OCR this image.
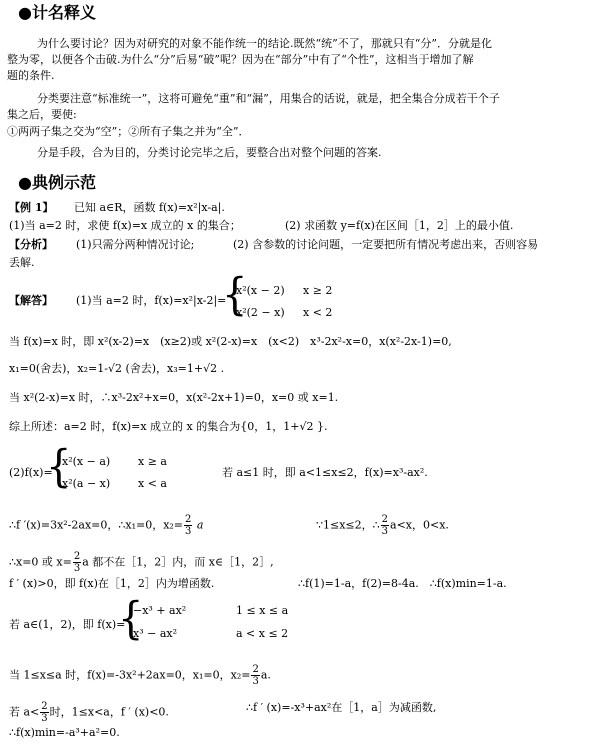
●计名释义
为什么要讨论？因为对研究的对象不能作统一的结论.既然“统”不了，那就只有“分”．分就是化
整为零，以便各个击破.为什么“分”后易“破”呢？因为在“部分”中有了“个性”，这相当于增加了解
题的条件.
分类要注意“标准统一”，这将可避免“重”和“漏”，用集合的话说，就是，把全集合分成若干个子
集之后，要使:
①两两子集之交为“空”；②所有子集之并为“全”．
分是手段，合为目的，分类讨论完毕之后，要整合出对整个问题的答案.
●典例示范
【例 1】 已知 a∈R，函数 f(x)=x²|x-a|.
(1)当 a=2 时，求使 f(x)=x 成立的 x 的集合；	(2) 求函数 y=f(x)在区间［1，2］上的最小值.
【分析】 (1)只需分两种情况讨论;	(2) 含参数的讨论问题，一定要把所有情况考虑出来，否则容易
丢解.
【解答】 (1)当 a=2 时，f(x)=x²|x-2|=
{
x²(x − 2) x ≥ 2
x²(2 − x) x < 2
当 f(x)=x 时，即 x²(x-2)=x　(x≥2)或 x²(2-x)=x　(x<2)　x³-2x²-x=0，x(x²-2x-1)=0,
x₁=0(舍去)，x₂=1-√2 (舍去)，x₃=1+√2 .
当 x²(2-x)=x 时，∴x³-2x²+x=0，x(x²-2x+1)=0，x=0 或 x=1.
综上所述：a=2 时，f(x)=x 成立的 x 的集合为{0，1，1+√2 }.
(2)f(x)=
{
x²(x − a)	x ≥ a
x²(a − x)	x < a
若 a≤1 时，即 a<1≤x≤2，f(x)=x³-ax².
∴f ′(x)=3x²-2ax=0，∴x₁=0，$x_2= \frac{2}{3}$ a	∵1≤x≤2，∴ $\frac{2}{3} a<x$，0<x.
∴x=0 或 $x= \frac{2}{3}$ a 都不在［1，2］内，而 x∈［1，2］,
f ′ (x)>0，即 f(x)在［1，2］内为增函数.	∴f(1)=1-a，f(2)=8-4a.　∴f(x)min=1-a.
若 a∈(1，2)，即 f(x)=
{
−x³ + ax²	1 ≤ x ≤ a
x³ − ax²	a < x ≤ 2
当 1≤x≤a 时，f(x)=-3x²+2ax=0，x₁=0，$x_2= \frac{2}{3} a$.
若 $a< \frac{2}{3}$ 时，1≤x<a，f ′ (x)<0.	∴f ′ (x)=-x³+ax²在［1，a］为减函数,
∴f(x)min=-a³+a²=0.
